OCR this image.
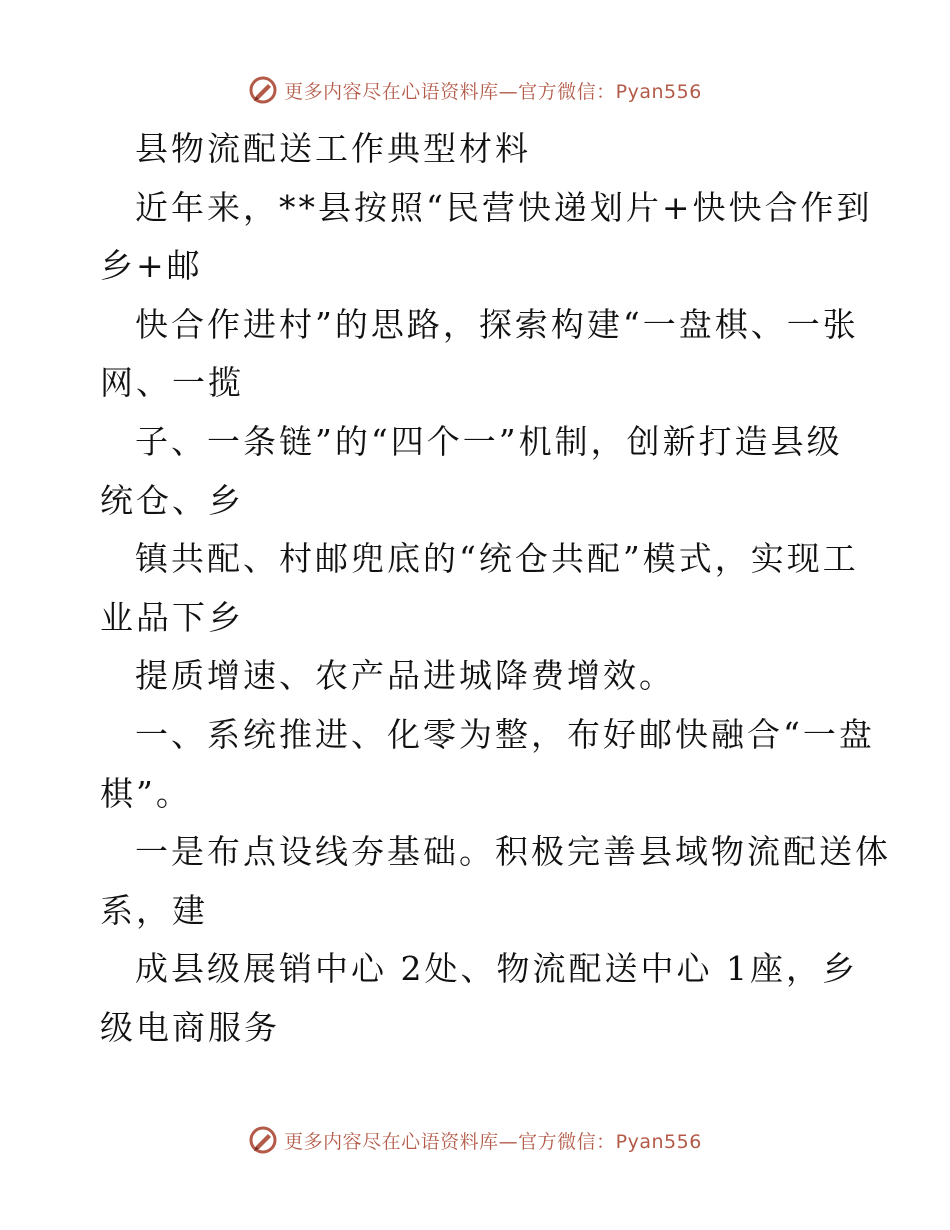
更多内容尽在心语资料库—官方微信：Pyan556
县物流配送工作典型材料
近年来，**县按照“民营快递划片+快快合作到
乡+邮
快合作进村”的思路，探索构建“一盘棋、一张
网、一揽
子、一条链”的“四个一”机制，创新打造县级
统仓、乡
镇共配、村邮兜底的“统仓共配”模式，实现工
业品下乡
提质增速、农产品进城降费增效。
一、系统推进、化零为整，布好邮快融合“一盘
棋”。
一是布点设线夯基础。积极完善县域物流配送体
系，建
成县级展销中心 2处、物流配送中心 1座，乡
级电商服务
更多内容尽在心语资料库—官方微信：Pyan556
